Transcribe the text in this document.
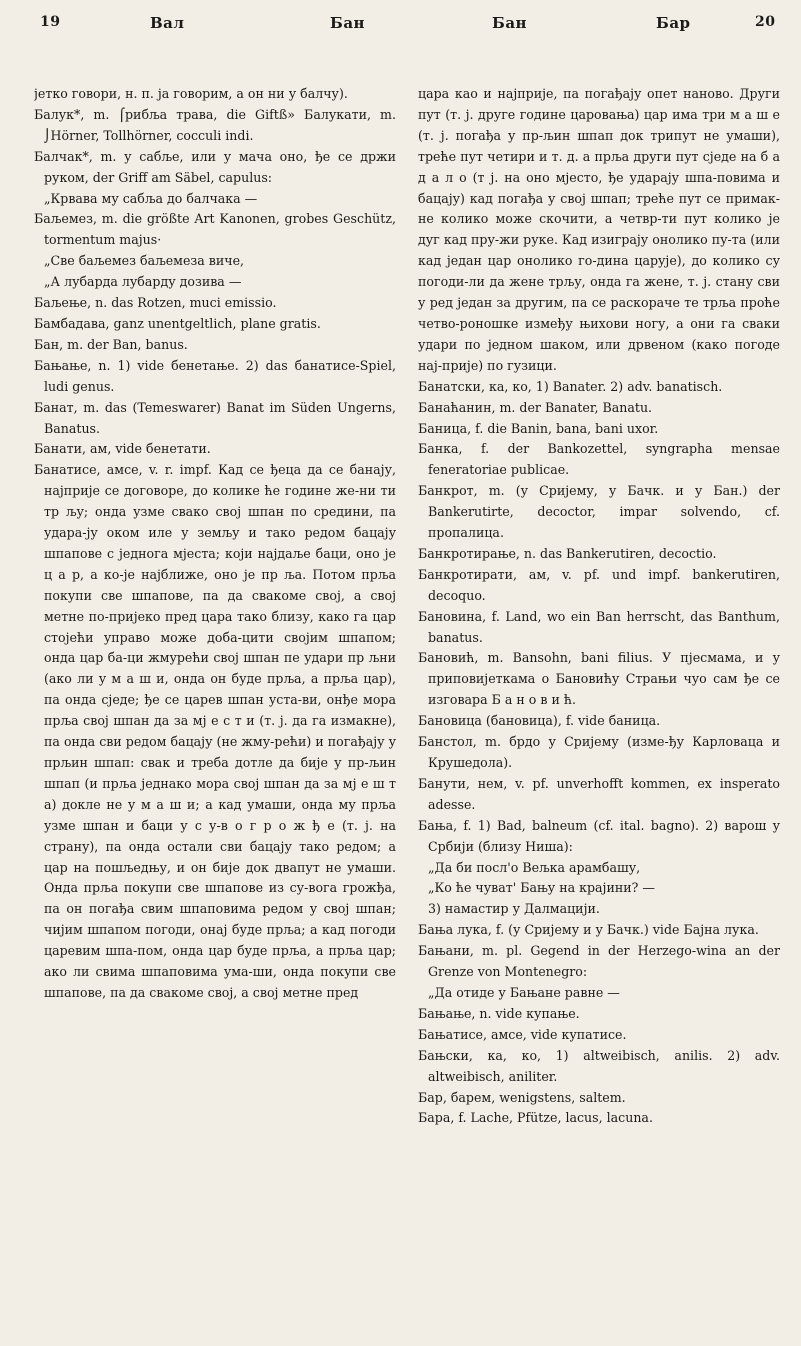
19	Вал	Бан	Бан	Бар	20

јетко говори, н. п. ја говорим, а он ни у балчу).

Балук*, m. ⌠рибља трава, die Giftß» Балукати, m. ⌡Hörner, Tollhörner, cocculi indi.

Балчак*, m. у сабље, или у мача оно, ђе се држи руком, der Griff am Säbel, capulus:

„Крвава му сабља до балчака —

Баљемез, m. die größte Art Kanonen, grobes Geschütz, tormentum majus·

„Све баљемез баљемеза виче,

„А лубарда лубарду дозива —

Баљење, n. das Rotzen, muci emissio.

Бамбадава, ganz unentgeltlich, plane gratis.

Бан, m. der Ban, banus.

Бањање, n. 1) vide бенетање. 2) das банатисе-Spiel, ludi genus.

Банат, m. das (Temeswarer) Banat im Süden Ungerns, Banatus.

Банати, ам, vide бенетати.

Банатисе, амсе, v. r. impf. Кад се ђеца да се банају, најприје се договоре, до колике ће године же-ни ти тр љу; онда узме свако свој шпан по средини, па удара-ју оком иле у земљу и тако редом бацају шпапове с једнога мјеста; који најдаље баци, оно је ц а р, а ко-је најближе, оно је пр ља. Потом прља покупи све шпапове, па да свакоме свој, а свој метне по-пријеко пред цара тако близу, како га цар стојећи управо може доба-цити својим шпапом; онда цар ба-ци жмурећи свој шпан пе удари пр љни (ако ли у м а ш и, онда он буде прља, а прља цар), па онда сједе; ђе се царев шпан уста-ви, онђе мора прља свој шпан да за мј е с т и (т. ј. да га измакне), па онда сви редом бацају (не жму-рећи) и погађају у прљин шпап: свак и треба дотле да бије у пр-љин шпап (и прља једнако мора свој шпан да за мј е ш т а) докле не у м а ш и; а кад умаши, онда му прља узме шпан и баци у с у-в о г р о ж ђ е (т. ј. на страну), па онда остали сви бацају тако редом; а цар на пошљедњу, и он бије док двапут не умаши. Онда прља покупи све шпапове из су-вога грожђа, па он погађа свим шпаповима редом у свој шпан; чијим шпапом погоди, онај буде прља; а кад погоди царевим шпа-пом, онда цар буде прља, а прља цар; ако ли свима шпаповима ума-ши, онда покупи све шпапове, па да свакоме свој, а свој метне пред

цара као и најприје, па погађају опет наново. Други пут (т. ј. друге године царовања) цар има три м а ш е (т. ј. погађа у пр-љин шпап док трипут не умаши), треће пут четири и т. д. а прља други пут сједе на б а д а л о (т ј. на оно мјесто, ђе ударају шпа-повима и бацају) кад погађа у свој шпап; треће пут се примак-не колико може скочити, а четвр-ти пут колико је дуг кад пру-жи руке. Кад изиграју онолико пу-та (или кад један цар онолико го-дина царује), до колико су погоди-ли да жене трљу, онда га жене, т. ј. стану сви у ред један за другим, па се раскораче те трља проће четво-роношке између њихови ногу, а они га сваки удари по једном шаком, или дрвеном (како погоде нај-прије) по гузици.

Банатски, ка, ко, 1) Banater. 2) adv. banatisch.

Банаћанин, m. der Banater, Banatu.

Баница, f. die Banin, bana, bani uxor.

Банка, f. der Bankozettel, syngrapha mensae feneratoriae publicae.

Банкрот, m. (у Сријему, у Бачк. и у Бан.) der Bankerutirte, decoctor, impar solvendo, cf. пропалица.

Банкротирање, n. das Bankerutiren, decoctio.

Банкротирати, ам, v. pf. und impf. bankerutiren, decoquo.

Бановина, f. Land, wo ein Ban herrscht, das Banthum, banatus.

Бановић, m. Bansohn, bani filius. У пјесмама, и у приповијеткама о Бановићу Страњи чуо сам ђе се изговара Б а н о в и ћ.

Бановица (бановица), f. vide баница.

Банстол, m. брдо у Сријему (изме-ђу Карловаца и Крушедола).

Банути, нем, v. pf. unverhofft kommen, ex insperato adesse.

Бања, f. 1) Bad, balneum (cf. ital. bagno). 2) варош у Србији (близу Ниша):

„Да би посл'о Вељка арамбашу,

„Ко ће чуват' Бању на крајини? —

3) намастир у Далмацији.

Бања лука, f. (у Сријему и у Бачк.) vide Бајна лука.

Бањани, m. pl. Gegend in der Herzego-wina an der Grenze von Montenegro:

„Да отиде у Бањане равне —

Бањање, n. vide купање.

Бањатисе, амсе, vide купатисе.

Бањски, ка, ко, 1) altweibisch, anilis. 2) adv. altweibisch, aniliter.

Бар, барем, wenigstens, saltem.

Бара, f. Lache, Pfütze, lacus, lacuna.
